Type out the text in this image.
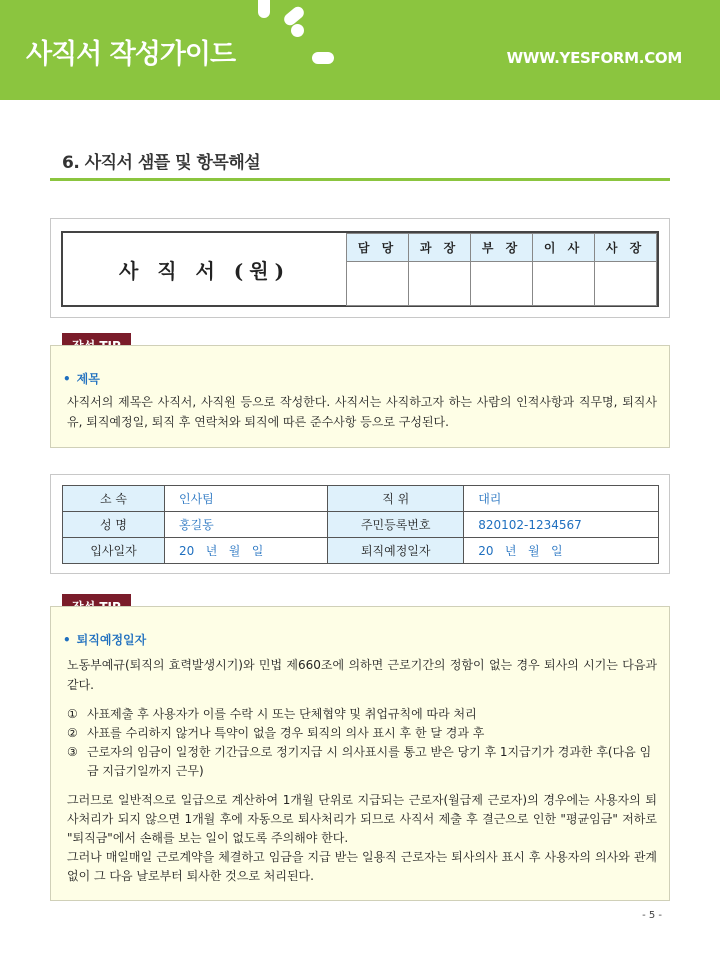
사직서 작성가이드	WWW.YESFORM.COM
6. 사직서 샘플 및 항목해설
사 직 서 (원)
담 당	과 장	부 장	이 사	사 장

• 제목
사직서의 제목은 사직서, 사직원 등으로 작성한다. 사직서는 사직하고자 하는 사람의 인적사항과 직무명, 퇴직사유, 퇴직예정일, 퇴직 후 연락처와 퇴직에 따른 준수사항 등으로 구성된다.
소 속	인사팀	직 위	대리
성 명	홍길동	주민등록번호	820102-1234567
입사일자	20   년   월   일	퇴직예정일자	20   년   월   일
• 퇴직예정일자
노동부예규(퇴직의 효력발생시기)와 민법 제660조에 의하면 근로기간의 정함이 없는 경우 퇴사의 시기는 다음과 같다.
① 사표제출 후 사용자가 이를 수락 시 또는 단체협약 및 취업규칙에 따라 처리
② 사표를 수리하지 않거나 특약이 없을 경우 퇴직의 의사 표시 후 한 달 경과 후
③ 근로자의 임금이 일정한 기간급으로 정기지급 시 의사표시를 통고 받은 당기 후 1지급기가 경과한 후(다음 임금 지급기일까지 근무)
그러므로 일반적으로 일급으로 계산하여 1개월 단위로 지급되는 근로자(월급제 근로자)의 경우에는 사용자의 퇴사처리가 되지 않으면 1개월 후에 자동으로 퇴사처리가 되므로 사직서 제출 후 결근으로 인한 "평균임금" 저하로 "퇴직금"에서 손해를 보는 일이 없도록 주의해야 한다.
그러나 매일매일 근로계약을 체결하고 임금을 지급 받는 일용직 근로자는 퇴사의사 표시 후 사용자의 의사와 관계없이 그 다음 날로부터 퇴사한 것으로 처리된다.
- 5 -
